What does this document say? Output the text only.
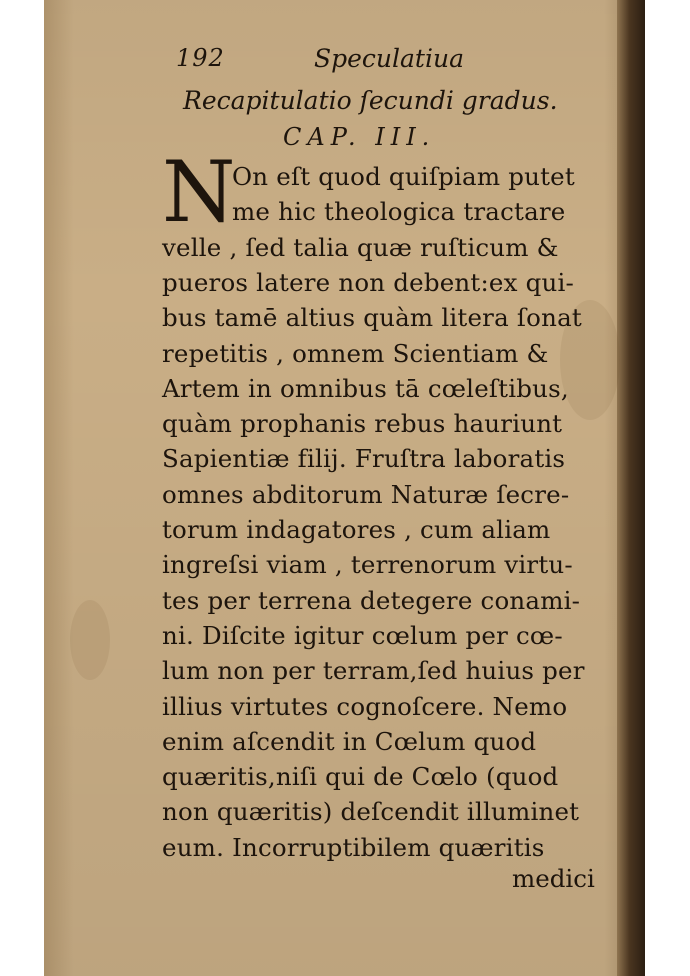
192	Speculatiua
Recapitulatio ſecundi gradus.
CAP. III.
N
On eſt quod quiſpiam putet
me hic theologica tractare
velle , ſed talia quæ ruſticum &
pueros latere non debent:ex qui-
bus tamē altius quàm litera ſonat
repetitis , omnem Scientiam &
Artem in omnibus tā cœleſtibus,
quàm prophanis rebus hauriunt
Sapientiæ filij. Fruſtra laboratis
omnes abditorum Naturæ ſecre-
torum indagatores , cum aliam
ingreſsi viam , terrenorum virtu-
tes per terrena detegere conami-
ni. Diſcite igitur cœlum per cœ-
lum non per terram,ſed huius per
illius virtutes cognoſcere. Nemo
enim aſcendit in Cœlum quod
quæritis,niſi qui de Cœlo (quod
non quæritis) deſcendit illuminet
eum. Incorruptibilem quæritis
medici
